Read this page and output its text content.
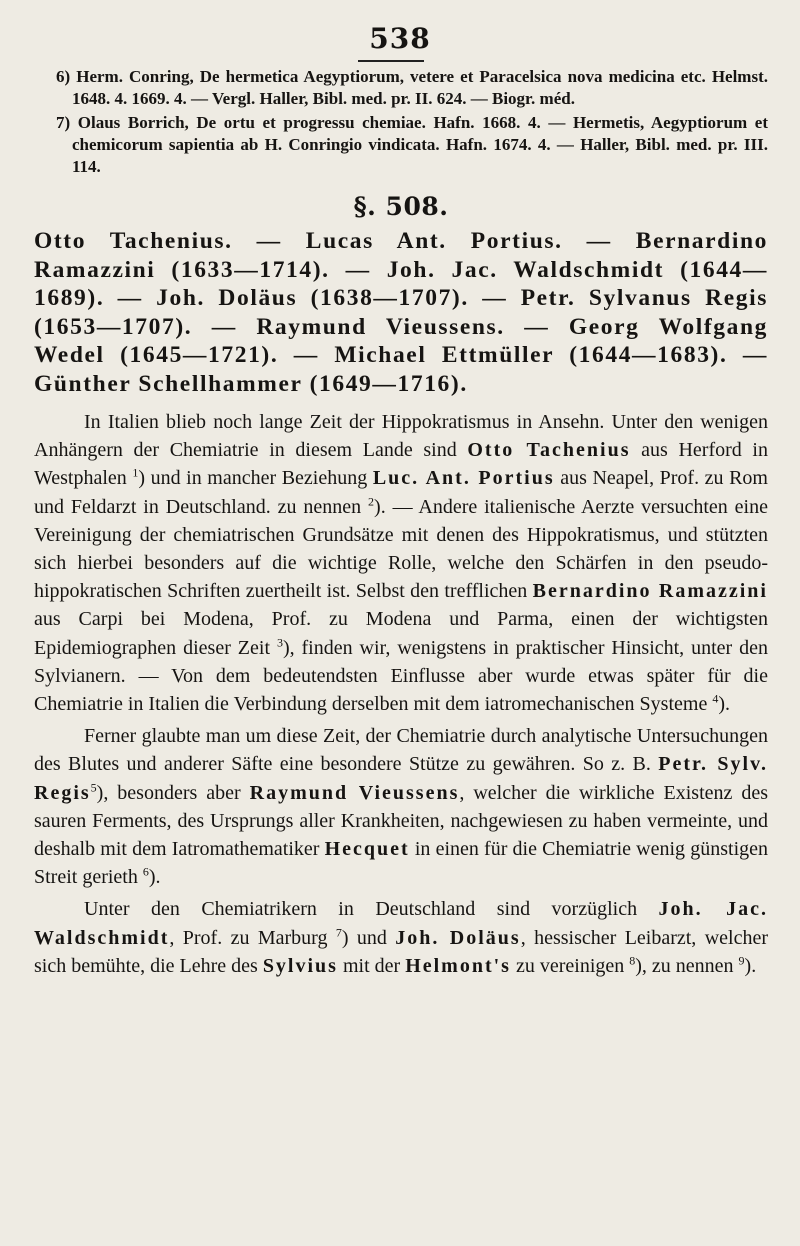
538

6) Herm. Conring, De hermetica Aegyptiorum, vetere et Paracelsica nova medicina etc. Helmst. 1648. 4. 1669. 4. — Vergl. Haller, Bibl. med. pr. II. 624. — Biogr. méd.

7) Olaus Borrich, De ortu et progressu chemiae. Hafn. 1668. 4. — Hermetis, Aegyptiorum et chemicorum sapientia ab H. Conringio vindicata. Hafn. 1674. 4. — Haller, Bibl. med. pr. III. 114.

§. 508.

Otto Tachenius. — Lucas Ant. Portius. — Bernardino Ramazzini (1633—1714). — Joh. Jac. Waldschmidt (1644—1689). — Joh. Doläus (1638—1707). — Petr. Sylvanus Regis (1653—1707). — Raymund Vieussens. — Georg Wolfgang Wedel (1645—1721). — Michael Ettmüller (1644—1683). — Günther Schellhammer (1649—1716).

In Italien blieb noch lange Zeit der Hippokratismus in Ansehn. Unter den wenigen Anhängern der Chemiatrie in diesem Lande sind Otto Tachenius aus Herford in Westphalen $^1$) und in mancher Beziehung Luc. Ant. Portius aus Neapel, Prof. zu Rom und Feldarzt in Deutschland. zu nennen $^2$). — Andere italienische Aerzte versuchten eine Vereinigung der chemiatrischen Grundsätze mit denen des Hippokratismus, und stützten sich hierbei besonders auf die wichtige Rolle, welche den Schärfen in den pseudo-hippokratischen Schriften zuertheilt ist. Selbst den trefflichen Bernardino Ramazzini aus Carpi bei Modena, Prof. zu Modena und Parma, einen der wichtigsten Epidemiographen dieser Zeit $^3$), finden wir, wenigstens in praktischer Hinsicht, unter den Sylvianern. — Von dem bedeutendsten Einflusse aber wurde etwas später für die Chemiatrie in Italien die Verbindung derselben mit dem iatromechanischen Systeme $^4$).

Ferner glaubte man um diese Zeit, der Chemiatrie durch analytische Untersuchungen des Blutes und anderer Säfte eine besondere Stütze zu gewähren. So z. B. Petr. Sylv. Regis$^5$), besonders aber Raymund Vieussens, welcher die wirkliche Existenz des sauren Ferments, des Ursprungs aller Krankheiten, nachgewiesen zu haben vermeinte, und deshalb mit dem Iatromathematiker Hecquet in einen für die Chemiatrie wenig günstigen Streit gerieth $^6$).

Unter den Chemiatrikern in Deutschland sind vorzüglich Joh. Jac. Waldschmidt, Prof. zu Marburg $^7$) und Joh. Doläus, hessischer Leibarzt, welcher sich bemühte, die Lehre des Sylvius mit der Helmont's zu vereinigen $^8$), zu nennen $^9$).
